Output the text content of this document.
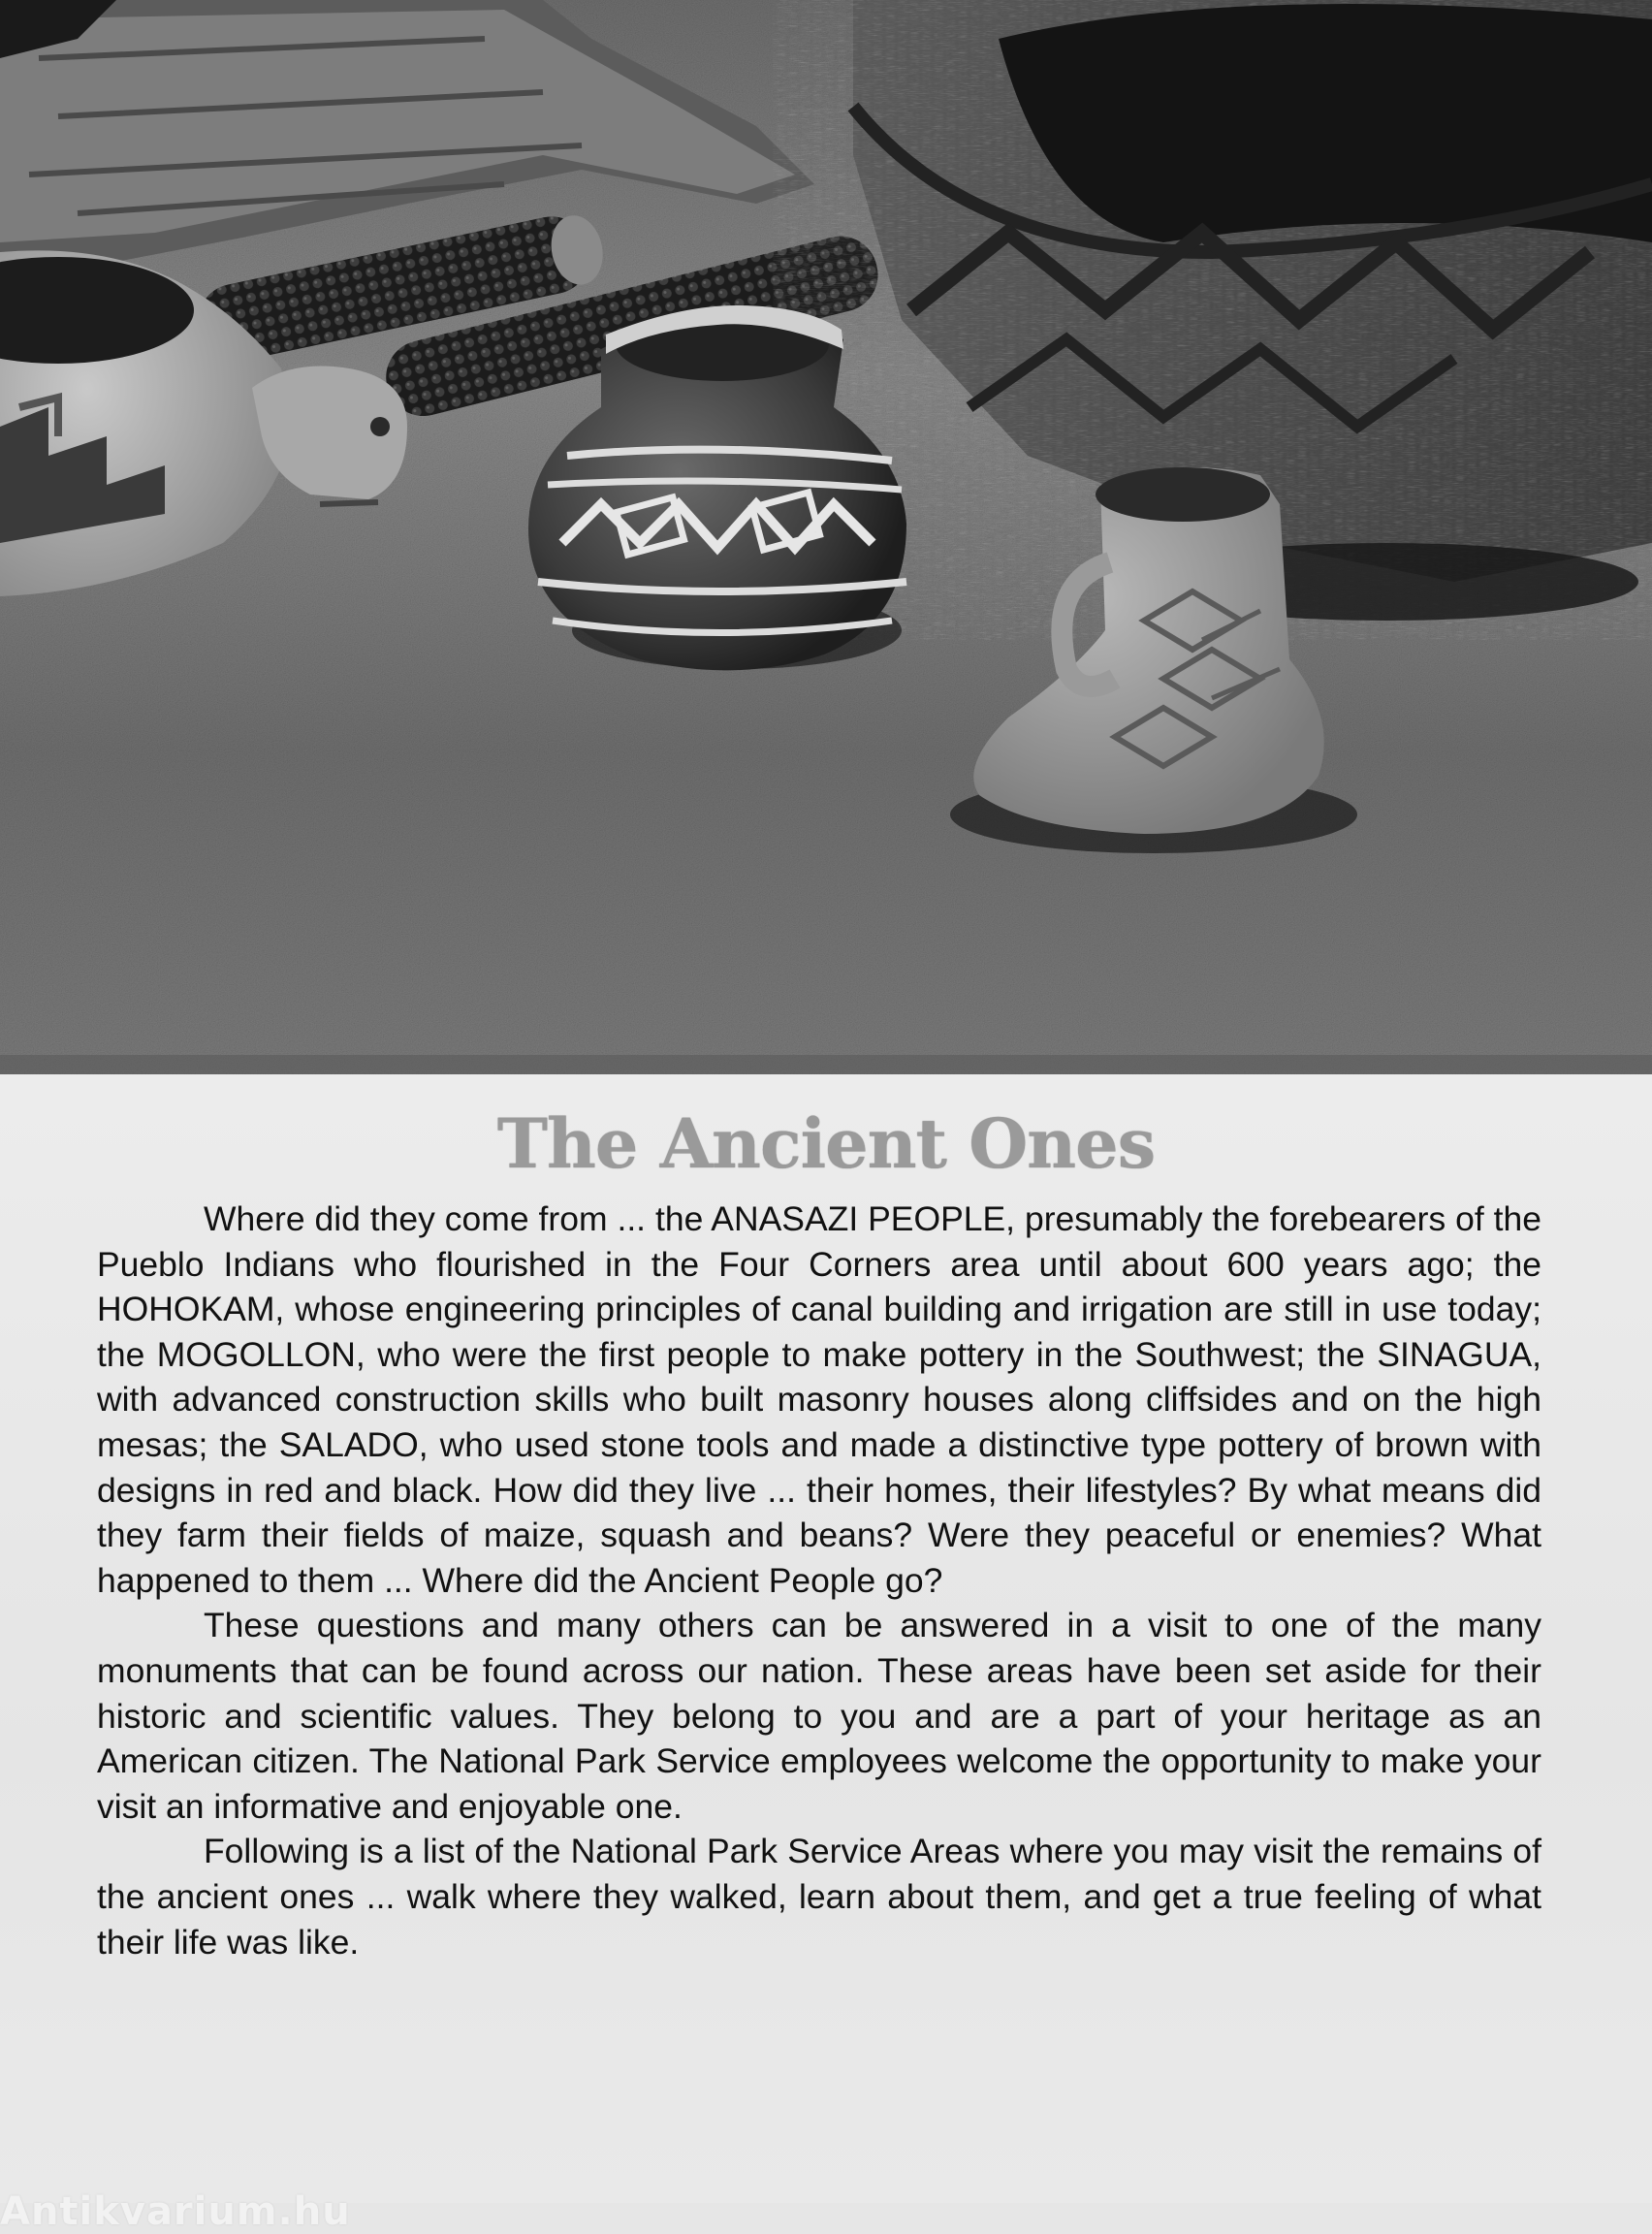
The Ancient Ones

Where did they come from ... the ANASAZI PEOPLE, presumably the forebearers of the Pueblo Indians who flourished in the Four Corners area until about 600 years ago; the HOHOKAM, whose engineering principles of canal building and irrigation are still in use today; the MOGOLLON, who were the first people to make pottery in the Southwest; the SINAGUA, with advanced construction skills who built masonry houses along cliffsides and on the high mesas; the SALADO, who used stone tools and made a distinctive type pottery of brown with designs in red and black. How did they live ... their homes, their lifestyles? By what means did they farm their fields of maize, squash and beans? Were they peaceful or enemies? What happened to them ... Where did the Ancient People go?

These questions and many others can be answered in a visit to one of the many monuments that can be found across our nation. These areas have been set aside for their historic and scientific values. They belong to you and are a part of your heritage as an American citizen. The National Park Service employees welcome the opportunity to make your visit an informative and enjoyable one.

Following is a list of the National Park Service Areas where you may visit the remains of the ancient ones ... walk where they walked, learn about them, and get a true feeling of what their life was like.

Antikvarium.hu
